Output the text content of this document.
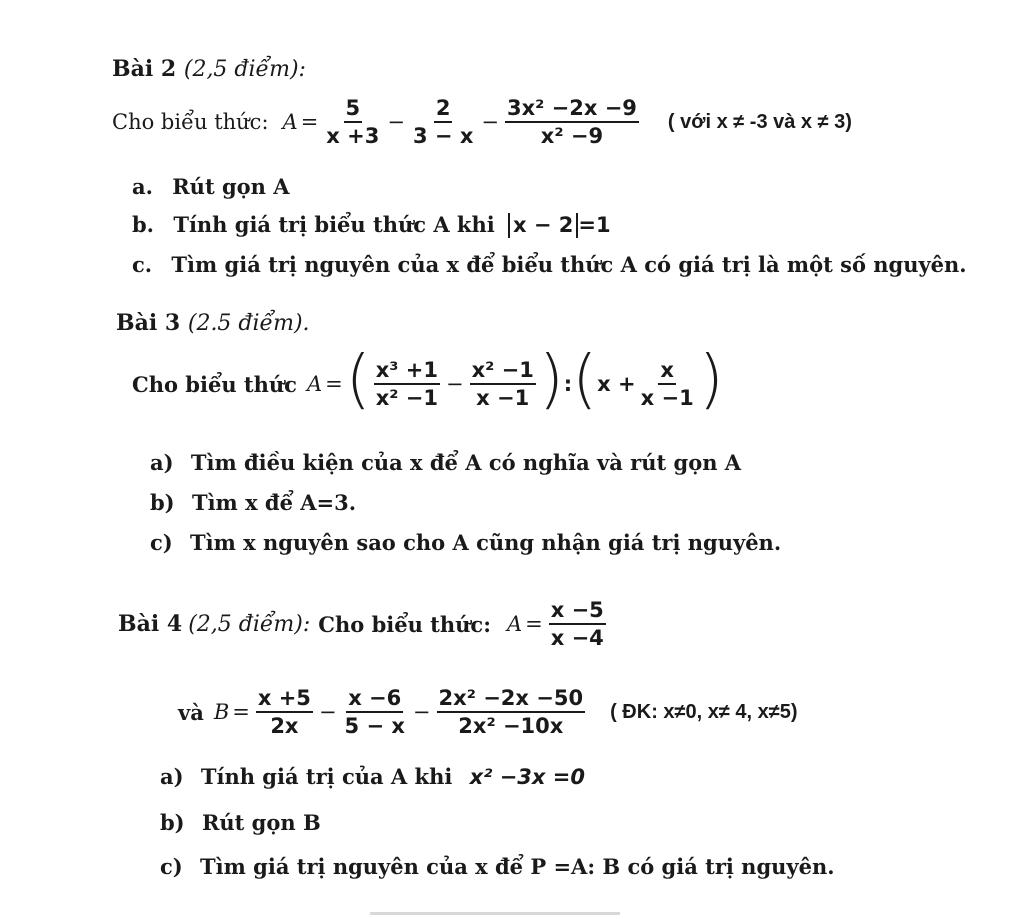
Bài 2 (2,5 điểm):
Cho biểu thức: $A = \frac{5}{x +3} - \frac{2}{3 - x} - \frac{\text{3x² −2x −9}}{\text{x² −9}}$ ( với x ≠ -3 và x ≠ 3)
a. Rút gọn A
b. Tính giá trị biểu thức A khi x − 2 =1
c. Tìm giá trị nguyên của x để biểu thức A có giá trị là một số nguyên.
Bài 3 (2.5 điểm).
Cho biểu thức A = ( $\frac{\text{x³ +1}}{\text{x² −1}} - \frac{\text{x² −1}}{x -1}$ ) : ( $x + \frac{x}{x -1}$ )
a) Tìm điều kiện của x để A có nghĩa và rút gọn A
b) Tìm x để A=3.
c) Tìm x nguyên sao cho A cũng nhận giá trị nguyên.
Bài 4 (2,5 điểm): Cho biểu thức: $A = \frac{x -5}{x -4}$
và $B = \frac{x +5}{2x} - \frac{x -6}{5 - x} - \frac{\text{2x² −2x −50}}{\text{2x² −10x}}$ ( ĐK: x≠0, x≠ 4, x≠5)
a) Tính giá trị của A khi x² −3x =0
b) Rút gọn B
c) Tìm giá trị nguyên của x để P =A: B có giá trị nguyên.
